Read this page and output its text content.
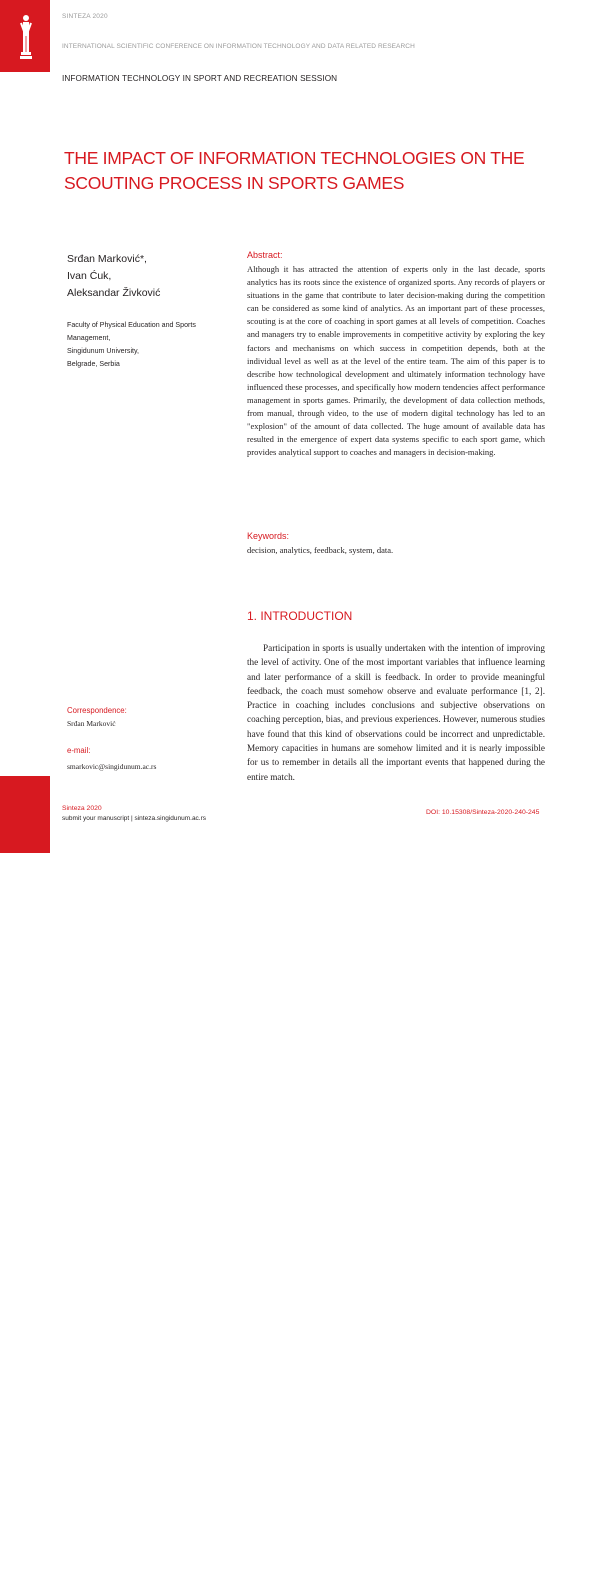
SINTEZA 2020
INTERNATIONAL SCIENTIFIC CONFERENCE ON INFORMATION TECHNOLOGY AND DATA RELATED RESEARCH
INFORMATION TECHNOLOGY IN SPORT AND RECREATION SESSION
THE IMPACT OF INFORMATION TECHNOLOGIES ON THE
SCOUTING PROCESS IN SPORTS GAMES
Srđan Marković*,
Ivan Ćuk,
Aleksandar Živković
Faculty of Physical Education and Sports
Management,
Singidunum University,
Belgrade, Serbia
Abstract:
Although it has attracted the attention of experts only in the last decade, sports analytics has its roots since the existence of organized sports. Any records of players or situations in the game that contribute to later decision-making during the competition can be considered as some kind of analytics. As an important part of these processes, scouting is at the core of coaching in sport games at all levels of competition. Coaches and managers try to enable improvements in competitive activity by exploring the key factors and mechanisms on which success in competition depends, both at the individual level as well as at the level of the entire team. The aim of this paper is to describe how technological development and ultimately information technology have influenced these processes, and specifically how modern tendencies affect performance management in sports games. Primarily, the development of data collection methods, from manual, through video, to the use of modern digital technology has led to an "explosion" of the amount of data collected. The huge amount of available data has resulted in the emergence of expert data systems specific to each sport game, which provides analytical support to coaches and managers in decision-making.
Keywords:
decision, analytics, feedback, system, data.
1. INTRODUCTION
Participation in sports is usually undertaken with the intention of improving the level of activity. One of the most important variables that influence learning and later performance of a skill is feedback. In order to provide meaningful feedback, the coach must somehow observe and evaluate performance [1, 2]. Practice in coaching includes conclusions and subjective observations on coaching perception, bias, and previous experiences. However, numerous studies have found that this kind of observations could be incorrect and unpredictable. Memory capacities in humans are somehow limited and it is nearly impossible for us to remember in details all the important events that happened during the entire match.
Correspondence:
Srđan Marković
e-mail:
smarkovic@singidunum.ac.rs
240
Sinteza 2020
submit your manuscript | sinteza.singidunum.ac.rs
DOI: 10.15308/Sinteza-2020-240-245
